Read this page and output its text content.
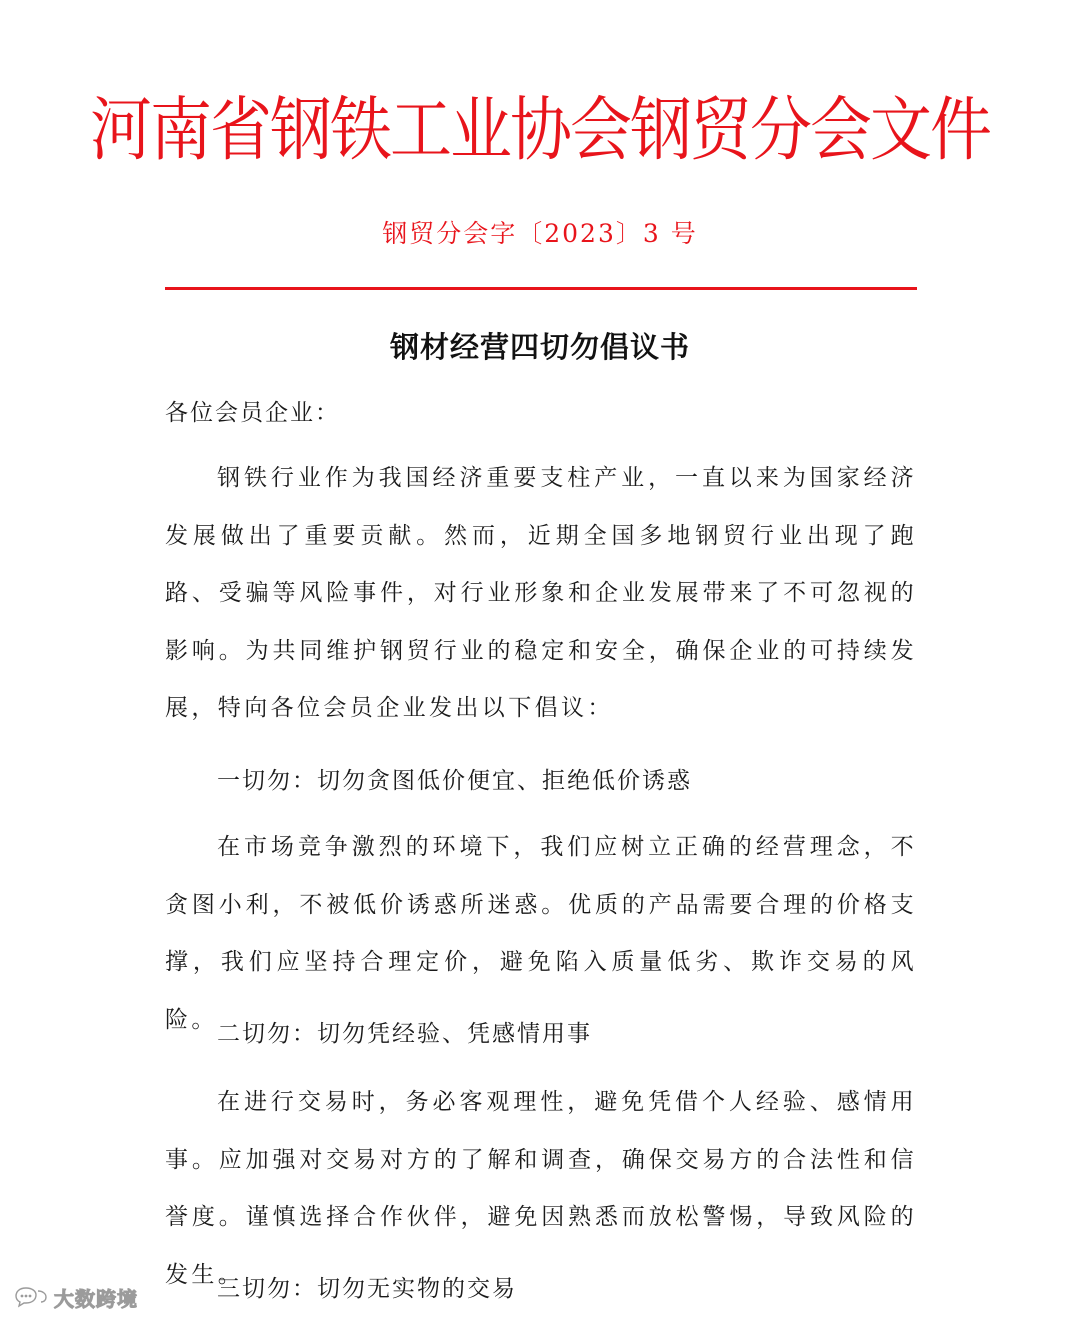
河南省钢铁工业协会钢贸分会文件
钢贸分会字〔2023〕3 号
钢材经营四切勿倡议书
各位会员企业：

钢铁行业作为我国经济重要支柱产业，一直以来为国家经济发展做出了重要贡献。然而，近期全国多地钢贸行业出现了跑路、受骗等风险事件，对行业形象和企业发展带来了不可忽视的影响。为共同维护钢贸行业的稳定和安全，确保企业的可持续发展，特向各位会员企业发出以下倡议：

一切勿：切勿贪图低价便宜、拒绝低价诱惑

在市场竞争激烈的环境下，我们应树立正确的经营理念，不贪图小利，不被低价诱惑所迷惑。优质的产品需要合理的价格支撑，我们应坚持合理定价，避免陷入质量低劣、欺诈交易的风险。

二切勿：切勿凭经验、凭感情用事

在进行交易时，务必客观理性，避免凭借个人经验、感情用事。应加强对交易对方的了解和调查，确保交易方的合法性和信誉度。谨慎选择合作伙伴，避免因熟悉而放松警惕，导致风险的发生。

三切勿：切勿无实物的交易

大数跨境
